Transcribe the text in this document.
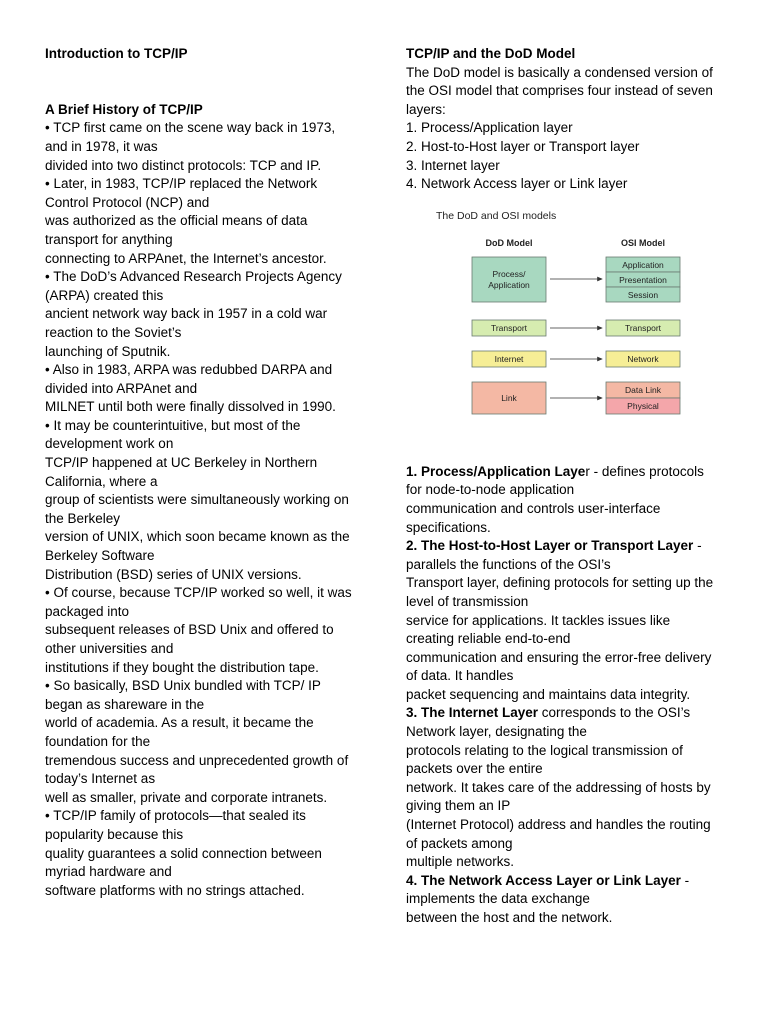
Introduction to TCP/IP
A Brief History of TCP/IP
• TCP first came on the scene way back in 1973,
and in 1978, it was
divided into two distinct protocols: TCP and IP.
• Later, in 1983, TCP/IP replaced the Network
Control Protocol (NCP) and
was authorized as the official means of data
transport for anything
connecting to ARPAnet, the Internet’s ancestor.
• The DoD’s Advanced Research Projects Agency
(ARPA) created this
ancient network way back in 1957 in a cold war
reaction to the Soviet’s
launching of Sputnik.
• Also in 1983, ARPA was redubbed DARPA and
divided into ARPAnet and
MILNET until both were finally dissolved in 1990.
• It may be counterintuitive, but most of the
development work on
TCP/IP happened at UC Berkeley in Northern
California, where a
group of scientists were simultaneously working on
the Berkeley
version of UNIX, which soon became known as the
Berkeley Software
Distribution (BSD) series of UNIX versions.
• Of course, because TCP/IP worked so well, it was
packaged into
subsequent releases of BSD Unix and offered to
other universities and
institutions if they bought the distribution tape.
• So basically, BSD Unix bundled with TCP/ IP
began as shareware in the
world of academia. As a result, it became the
foundation for the
tremendous success and unprecedented growth of
today’s Internet as
well as smaller, private and corporate intranets.
• TCP/IP family of protocols—that sealed its
popularity because this
quality guarantees a solid connection between
myriad hardware and
software platforms with no strings attached.
TCP/IP and the DoD Model
The DoD model is basically a condensed version of
the OSI model that comprises four instead of seven
layers:
1. Process/Application layer
2. Host-to-Host layer or Transport layer
3. Internet layer
4. Network Access layer or Link layer
The DoD and OSI models
DoD Model	OSI Model
Process/
Application
Transport
Internet
Link
Application
Presentation
Session
Transport
Network
Data Link
Physical
1. Process/Application Layer - defines protocols
for node-to-node application
communication and controls user-interface
specifications.
2. The Host-to-Host Layer or Transport Layer -
parallels the functions of the OSI’s
Transport layer, defining protocols for setting up the
level of transmission
service for applications. It tackles issues like
creating reliable end-to-end
communication and ensuring the error-free delivery
of data. It handles
packet sequencing and maintains data integrity.
3. The Internet Layer corresponds to the OSI’s
Network layer, designating the
protocols relating to the logical transmission of
packets over the entire
network. It takes care of the addressing of hosts by
giving them an IP
(Internet Protocol) address and handles the routing
of packets among
multiple networks.
4. The Network Access Layer or Link Layer -
implements the data exchange
between the host and the network.
